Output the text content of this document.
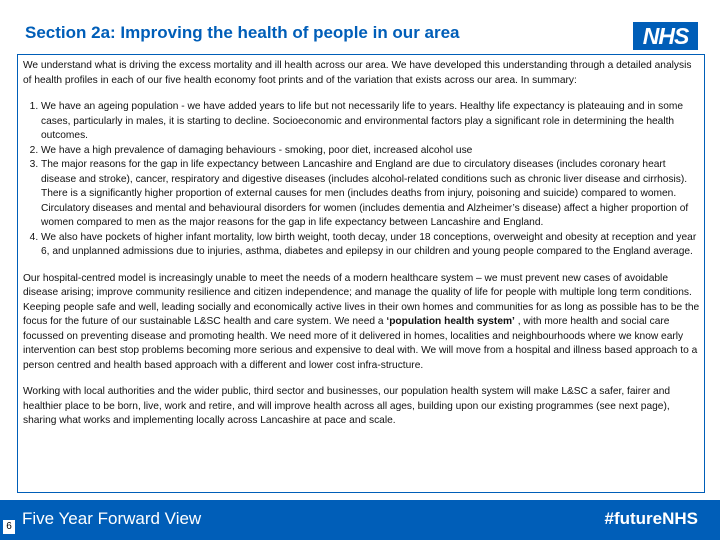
Section 2a: Improving the health of people in our area	NHS

We understand what is driving the excess mortality and ill health across our area. We have developed this understanding through a detailed analysis of health profiles in each of our five health economy foot prints and of the variation that exists across our area. In summary:

1. We have an ageing population - we have added years to life but not necessarily life to years. Healthy life expectancy is plateauing and in some cases, particularly in males, it is starting to decline. Socioeconomic and environmental factors play a significant role in determining the health outcomes.
2. We have a high prevalence of damaging behaviours - smoking, poor diet, increased alcohol use
3. The major reasons for the gap in life expectancy between Lancashire and England are due to circulatory diseases (includes coronary heart disease and stroke), cancer, respiratory and digestive diseases (includes alcohol-related conditions such as chronic liver disease and cirrhosis). There is a significantly higher proportion of external causes for men (includes deaths from injury, poisoning and suicide) compared to women. Circulatory diseases and mental and behavioural disorders for women (includes dementia and Alzheimer’s disease) affect a higher proportion of women compared to men as the major reasons for the gap in life expectancy between Lancashire and England.
4. We also have pockets of higher infant mortality, low birth weight, tooth decay, under 18 conceptions, overweight and obesity at reception and year 6, and unplanned admissions due to injuries, asthma, diabetes and epilepsy in our children and young people compared to the England average.

Our hospital-centred model is increasingly unable to meet the needs of a modern healthcare system – we must prevent new cases of avoidable disease arising; improve community resilience and citizen independence; and manage the quality of life for people with multiple long term conditions. Keeping people safe and well, leading socially and economically active lives in their own homes and communities for as long as possible has to be the focus for the future of our sustainable L&SC health and care system. We need a ‘population health system’ , with more health and social care focussed on preventing disease and promoting health. We need more of it delivered in homes, localities and neighbourhoods where we know early intervention can best stop problems becoming more serious and expensive to deal with. We will move from a hospital and illness based approach to a person centred and health based approach with a different and lower cost infra-structure.

Working with local authorities and the wider public, third sector and businesses, our population health system will make L&SC a safer, fairer and healthier place to be born, live, work and retire, and will improve health across all ages, building upon our existing programmes (see next page), sharing what works and implementing locally across Lancashire at pace and scale.

Five Year Forward View	#futureNHS
6
